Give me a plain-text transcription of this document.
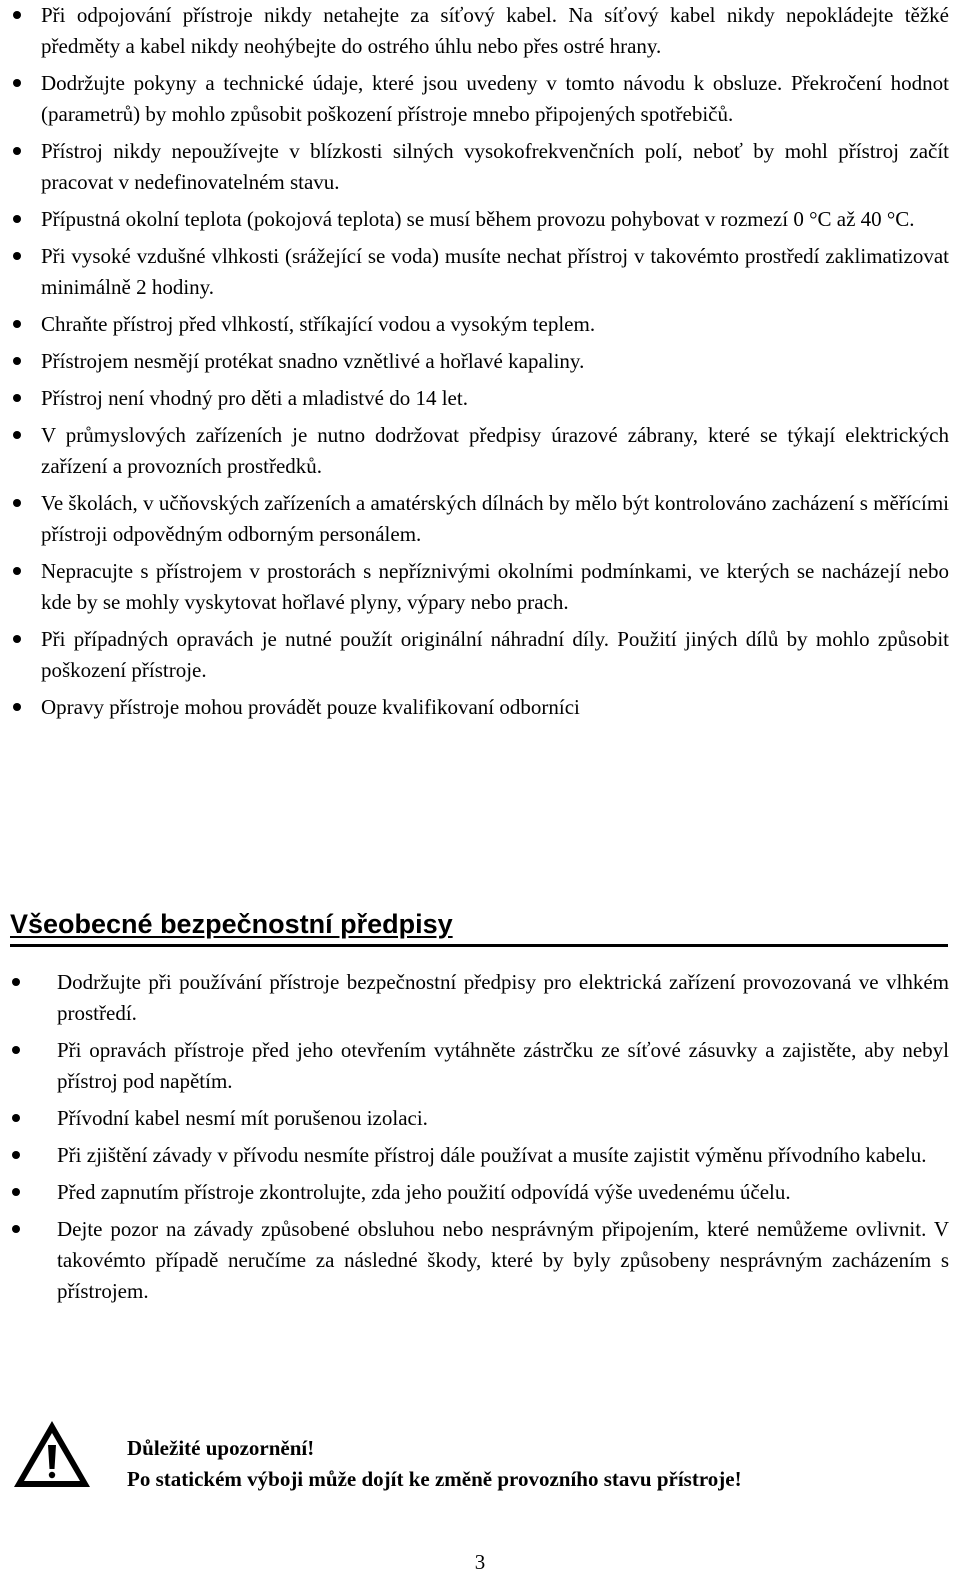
Při odpojování přístroje nikdy netahejte za síťový kabel. Na síťový kabel nikdy nepokládejte těžké předměty a kabel nikdy neohýbejte do ostrého úhlu nebo přes ostré hrany.
Dodržujte pokyny a technické údaje, které jsou uvedeny v tomto návodu k obsluze. Překročení hodnot (parametrů) by mohlo způsobit poškození přístroje mnebo připojených spotřebičů.
Přístroj nikdy nepoužívejte v blízkosti silných vysokofrekvenčních polí, neboť by mohl přístroj začít pracovat v nedefinovatelném stavu.
Přípustná okolní teplota (pokojová teplota) se musí během provozu pohybovat v rozmezí 0 °C až 40 °C.
Při vysoké vzdušné vlhkosti (srážející se voda) musíte nechat přístroj v takovémto prostředí zaklimatizovat minimálně 2 hodiny.
Chraňte přístroj před vlhkostí, stříkající vodou a vysokým teplem.
Přístrojem nesmějí protékat snadno vznětlivé a hořlavé kapaliny.
Přístroj není vhodný pro děti a mladistvé do 14 let.
V průmyslových zařízeních je nutno dodržovat předpisy úrazové zábrany, které se týkají elektrických zařízení a provozních prostředků.
Ve školách, v učňovských zařízeních a amatérských dílnách by mělo být kontrolováno zacházení s měřícími přístroji odpovědným odborným personálem.
Nepracujte s přístrojem v prostorách s nepříznivými okolními podmínkami, ve kterých se nacházejí nebo kde by se mohly vyskytovat hořlavé plyny, výpary nebo prach.
Při případných opravách je nutné použít originální náhradní díly. Použití jiných dílů by mohlo způsobit poškození přístroje.
Opravy přístroje mohou provádět pouze kvalifikovaní odborníci
Všeobecné bezpečnostní předpisy
Dodržujte při používání přístroje bezpečnostní předpisy pro elektrická zařízení provozovaná ve vlhkém prostředí.
Při opravách přístroje před jeho otevřením vytáhněte zástrčku ze síťové zásuvky a zajistěte, aby nebyl přístroj pod napětím.
Přívodní kabel nesmí mít porušenou izolaci.
Při zjištění závady v přívodu nesmíte přístroj dále používat a musíte zajistit výměnu přívodního kabelu.
Před zapnutím přístroje zkontrolujte, zda jeho použití odpovídá výše uvedenému účelu.
Dejte pozor na závady způsobené obsluhou nebo nesprávným připojením, které nemůžeme ovlivnit. V takovémto případě neručíme za následné škody, které by byly způsobeny nesprávným zacházením s přístrojem.
Důležité upozornění!
Po statickém výboji může dojít ke změně provozního stavu přístroje!
3
